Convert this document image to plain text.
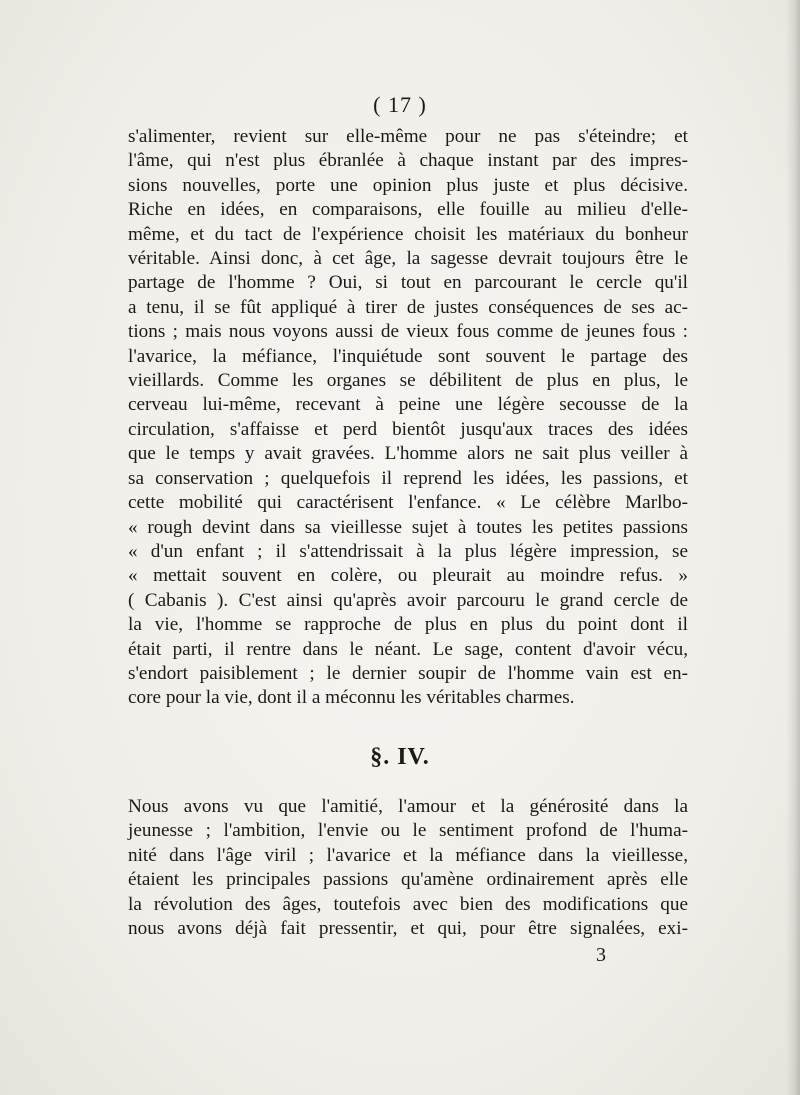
( 17 )
s'alimenter, revient sur elle-même pour ne pas s'éteindre; et
l'âme, qui n'est plus ébranlée à chaque instant par des impres-
sions nouvelles, porte une opinion plus juste et plus décisive.
Riche en idées, en comparaisons, elle fouille au milieu d'elle-
même, et du tact de l'expérience choisit les matériaux du bonheur
véritable. Ainsi donc, à cet âge, la sagesse devrait toujours être le
partage de l'homme ? Oui, si tout en parcourant le cercle qu'il
a tenu, il se fût appliqué à tirer de justes conséquences de ses ac-
tions ; mais nous voyons aussi de vieux fous comme de jeunes fous :
l'avarice, la méfiance, l'inquiétude sont souvent le partage des
vieillards. Comme les organes se débilitent de plus en plus, le
cerveau lui-même, recevant à peine une légère secousse de la
circulation, s'affaisse et perd bientôt jusqu'aux traces des idées
que le temps y avait gravées. L'homme alors ne sait plus veiller à
sa conservation ; quelquefois il reprend les idées, les passions, et
cette mobilité qui caractérisent l'enfance. « Le célèbre Marlbo-
« rough devint dans sa vieillesse sujet à toutes les petites passions
« d'un enfant ; il s'attendrissait à la plus légère impression, se
« mettait souvent en colère, ou pleurait au moindre refus. »
( Cabanis ). C'est ainsi qu'après avoir parcouru le grand cercle de
la vie, l'homme se rapproche de plus en plus du point dont il
était parti, il rentre dans le néant. Le sage, content d'avoir vécu,
s'endort paisiblement ; le dernier soupir de l'homme vain est en-
core pour la vie, dont il a méconnu les véritables charmes.
§. IV.
Nous avons vu que l'amitié, l'amour et la générosité dans la
jeunesse ; l'ambition, l'envie ou le sentiment profond de l'huma-
nité dans l'âge viril ; l'avarice et la méfiance dans la vieillesse,
étaient les principales passions qu'amène ordinairement après elle
la révolution des âges, toutefois avec bien des modifications que
nous avons déjà fait pressentir, et qui, pour être signalées, exi-
3
